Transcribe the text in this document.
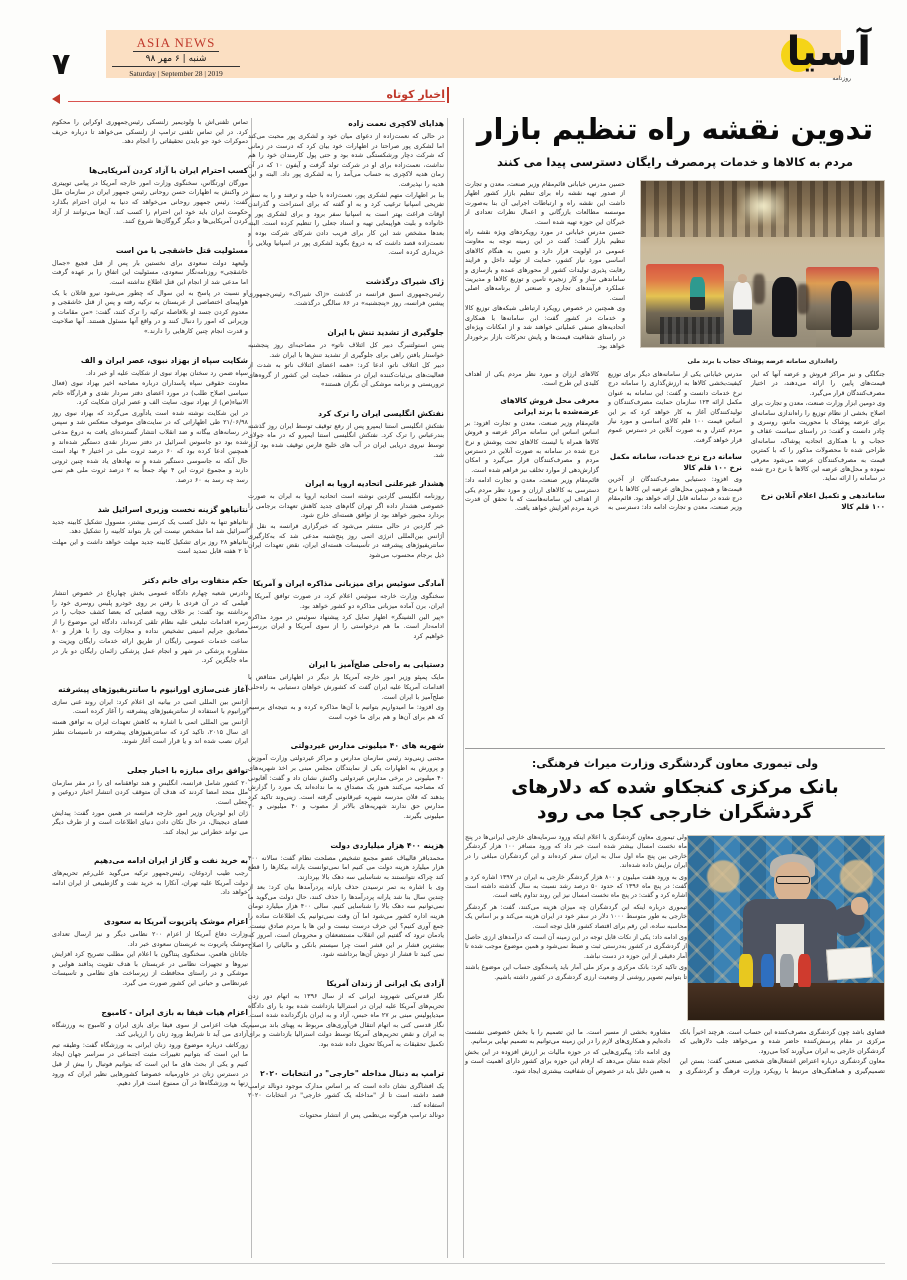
۷
ASIA NEWS
شنبه | ۶ مهر ۹۸
Saturday | September 28 | 2019	آسیا
روزنامه
اخبار کوتاه

تماس تلفنی‌اش با ولودیمیر زلنسکی رئیس‌جمهوری اوکراین را محکوم کرد. در این تماس تلفنی ترامپ از زلنسکی می‌خواهد تا درباره حریف دموکرات خود جو بایدن تحقیقاتی را انجام دهد.

کسب احترام ایران با آزاد کردن آمریکایی‌ها

مورگان اورتگاس، سخنگوی وزارت امور خارجه آمریکا در پیامی توییتری در واکنش به اظهارات حسن روحانی رئیس جمهور ایران در سازمان ملل گفت: رئیس جمهور روحانی می‌خواهد که دنیا به ایران احترام بگذارد حکومت ایران باید خود این احترام را کسب کند. آن‌ها می‌توانند از آزاد کردن آمریکایی‌ها و دیگر گروگان‌ها شروع کنند.

مسئولیت قتل خاشقجی با من است

ولیعهد دولت سعودی برای نخستین بار پس از قتل فجیع «جمال خاشقجی» روزنامه‌نگار سعودی، مسئولیت این اتفاق را بر عهده گرفت اما مدعی شد از انجام این قتل اطلاع نداشته است.

او نسبت در پاسخ به این سوال که چطور می‌شود نیرو قاتلان با یک هواپیمای اختصاصی از عربستان به ترکیه رفته و پس از قتل خاشقجی و معدوم کردن جسد او بلافاصله ترکیه را ترک کنند، گفت: «من مقامات و وزیرانی که امور را دنبال کنند و در واقع آنها مسئول هستند. آنها صلاحیت و قدرت انجام چنین کارهایی را دارند.»

شکایت سپاه از بهزاد نبوی، عصر ایران و الف

سپاه ضمن رد سخنان بهزاد نبوی از شکایت علیه او خبر داد.

معاونت حقوقی سپاه پاسداران درباره مصاحبه اخیر بهزاد نبوی (فعال سیاسی اصلاح طلب) در مورد اعضای دفتر سردار نقدی و قرارگاه خاتم الانبیاء(ص) از بهزاد نبوی، سایت الف و عصر ایران شکایت کرد.

در این شکایت نوشته شده است یادآوری می‌گردد که بهزاد نبوی روز ۲۱/۰۶/۹۸ طی اظهاراتی که در سایت‌های موصوف منعکس شد و سپس در رسانه‌های بیگانه و ضد انقلاب انتشار گسترده‌ای یافت به دروغ مدعی شده بود دو جاسوس اسرائیل در دفتر سردار نقدی دستگیر شده‌اند و همچنین ادعا کرده بود که ۶۰ درصد ثروت ملی در اختیار ۴ نهاد است حال آنکه نه جاسوسی دستگیر شده و نه نهادهای یاد شده چنین ثروتی دارند و مجموع ثروت این ۴ نهاد جمعاً به ۲ درصد ثروت ملی هم نمی رسد چه رسد به ۶۰ درصد.

نتانیاهو گزینه نخست وزیری اسرائیل شد

نتانیاهو تنها به دلیل کسب یک کرسی بیشتر، مسوول تشکیل کابینه جدید اسرائیل شد اما مشخص نیست این بار بتواند کابینه را تشکیل دهد.

نتانیاهو ۲۸ روز برای تشکیل کابینه جدید مهلت خواهد داشت و این مهلت تا ۲ هفته قابل تمدید است

حکم متفاوت برای خانم دکتر

دادرس شعبه چهارم دادگاه عمومی بخش چهارباغ در خصوص انتشار فیلمی که در آن فردی با رفتن بر روی خودرو پلیس روسری خود را برداشته بود گفت: بر خلاف رویه قضایی که بعضا کشف حجاب را در زمره اقدامات تبلیغی علیه نظام تلقی کرده‌اند، دادگاه این موضوع را از مصادیق جرایم امنیتی تشخیص نداده و مجازات وی را با هزار و ۸۰ ساعت خدمات عمومی رایگان از طریق ارائه خدمات رایگان ویزیت و مشاوره پزشکی در شهر و انجام عمل پزشکی زائمان رایگان دو بار در ماه جایگزین کرد.

آغاز غنی‌سازی اورانیوم با سانتریفیوژهای پیشرفته

آژانس بین المللی اتمی در بیانیه ای اعلام کرد: ایران روند غنی سازی اورانیوم با استفاده از سانتریفیوژهای پیشرفته را آغاز کرده است.

آژانس بین المللی اتمی با اشاره به کاهش تعهدات ایران به توافق هسته ای سال ۲۰۱۵، تاکید کرد که سانتریفیوژهای پیشرفته در تاسیسات نطنز ایران نصب شده اند و یا قرار است آغاز شوند.

توافق برای مبارزه با اخبار جعلی

۲۰ کشور شامل فرانسه، انگلیس و هند توافقنامه ای را در مقر سازمان ملل متحد امضا کردند که هدف آن متوقف کردن انتشار اخبار دروغین و جعلی است.

ژان ایو لودریان وزیر امور خارجه فرانسه در همین مورد گفت: پیدایش فضای دیجیتال، در حال تکان دادن دنیای اطلاعات است و از طرف دیگر می تواند خطراتی نیز ایجاد کند.

به خرید نفت و گاز از ایران ادامه می‌دهیم

رجب طیب اردوغان، رئیس‌جمهور ترکیه می‌گوید علی‌رغم تحریم‌های دولت آمریکا علیه تهران، آنکارا به خرید نفت و گازطبیعی از ایران ادامه خواهد داد.

اعزام موشک پاتریوت آمریکا به سعودی

وزارت دفاع آمریکا از اعزام ۲۰۰ نظامی دیگر و نیز ارسال تعدادی موشک پاتریوت به عربستان سعودی خبر داد.

جاناتان هافمن، سخنگوی پنتاگون با اعلام این مطلب تصریح کرد افزایش نیروها و تجهیزات نظامی در عربستان با هدف تقویت پدافند هوایی و موشکی و در راستای محافظت از زیرساخت های نظامی و تاسیسات غیرنظامی و حیاتی این کشور صورت می گیرد.

اعزام هیات فیفا به بازی ایران - کامبوج

یک هیات اعزامی از سوی فیفا برای بازی ایران و کامبوج به ورزشگاه آزادی می آید تا شرایط ورود زنان را ارزیابی کند.

زورکاتف درباره موضوع ورود زنان ایرانی به ورزشگاه گفت: وظیفه تیم ما این است که بتوانیم تغییرات مثبت اجتماعی در سراسر جهان ایجاد کنیم و یکی از بحث های ما این است که بتوانیم فوتبال را بیش از قبل در دسترس زنان در خاورمیانه خصوصا کشورهایی نظیر ایران که ورود زنها به ورزشگاه‌ها در آن ممنوع است قرار دهیم.

هدایای لاکچری نعمت زاده

در حالی که نعمت‌زاده از دعوای میان خود و لشکری پور محبت می‌کند اما لشکری پور صراحتا در اظهارات خود بیان کرد که درست در زمانی که شرکت دچار ورشکستگی شده بود و حتی پول کارمندان خود را هم نداشت، نعمت‌زاده برای او در شرکت تولد گرفت و آیفون ۱۰ که در آن زمان هدیه لاکچری به حساب می‌آمد را به لشکری پور داد. البته و این هدیه را نپذیرفت.

بنا بر اظهارات متهم لشکری پور، نعمت‌زاده با حیله و ترفند و را به سفر تفریحی اسپانیا ترغیب کرد و به او گفته که برای استراحت و گذراندن اوقات فراغت بهتر است به اسپانیا سفر برود و برای لشکری پور و خانواده و بلیت هواپیمایی تهیه و اسناد جعلی را تنظیم کرده است. البته بعدها مشخص شد این کار برای فریب دادن شرکای شرکت بوده و نعمت‌زاده قصد داشت که به دروغ بگوید لشکری پور در اسپانیا ویلایی را خریداری کرده است.

ژاک شیراک درگذشت

رئیس‌جمهوری اسبق فرانسه در گذشت «ژاک شیراک» رئیس‌جمهوری پیشین فرانسه، روز «پنجشنبه» در ۸۶ سالگی درگذشت.

جلوگیری از تشدید تنش با ایران

ینس استولتنبرگ دبیر کل ائتلاف ناتو» در مصاحبه‌ای روز پنجشنبه خواستار یافتن راهی برای جلوگیری از تشدید تنش‌ها با ایران شد.

دبیر کل ائتلاف ناتو، ادعا کرد: «همه اعضای ائتلاف ناتو به شدت از فعالیت‌های بی‌ثبات‌کننده ایران در منطقه، حمایت این کشور از گروه‌های تروریستی و برنامه موشکی آن نگران هستند»

نفتکش انگلیسی ایران را ترک کرد

نفتکش انگلیسی استنا ایمپرو پس از رفع توقیف توسط ایران روز گذشته بندرعباس را ترک کرد. نفتکش انگلیسی استنا ایمپرو که در ماه جولای توسط نیروی دریایی ایران در آب های خلیج فارس توقیف شده بود آزاد شد.

هشدار غیرعلنی اتحادیه اروپا به ایران

روزنامه انگلیسی گاردین نوشته است اتحادیه اروپا به ایران به صورت خصوصی هشدار داده اگر تهران گام‌های جدید کاهش تعهدات برجامی را بردارد مجبور خواهد بود از توافق هسته‌ای خارج شود.

خبر گاردین در حالی منتشر می‌شود که خبرگزاری فرانسه به نقل از آژانس بین‌المللی انرژی اتمی روز پنج‌شنبه مدعی شد که به‌کارگیری سانتریفیوژهای پیشرفته در تأسیسات هسته‌ای ایران، نقض تعهدات ایران ذیل برجام محسوب می‌شود

آمادگی سوئیس برای میزبانی مذاکره ایران و آمریکا

سخنگوی وزارت خارجه سوئیس اعلام کرد، در صورت توافق آمریکا و ایران، برن آماده میزبانی مذاکره دو کشور خواهد بود.

«پیر الین الشینگر» اظهار تمایل کرد پیشنهاد سوئیس در مورد مذاکره ادامه‌دار است. ما هم درخواستی را از سوی آمریکا و ایران بررسی خواهیم کرد

دستیابی به راه‌حلی صلح‌آمیز با ایران

مایک پمپئو وزیر امور خارجه آمریکا بار دیگر در اظهاراتی متناقض با اقدامات آمریکا علیه ایران گفت که کشورش خواهان دستیابی به راه‌حلی صلح‌آمیز با ایران است.

وی افزود: ما امیدواریم بتوانیم با آن‌ها مذاکره کرده و به نتیجه‌ای برسیم که هم برای آن‌ها و هم برای ما خوب است

شهریه های ۴۰ میلیونی مدارس غیردولتی

مجتبی زینی‌وند رئیس سازمان مدارس و مراکز غیردولتی وزارت آموزش و پرورش به اظهارات یکی از نمایندگان مجلس مبنی بر اخذ شهریه‌های ۴۰ میلیونی در برخی مدارس غیردولتی واکنش نشان داد و گفت: آقایونی که مصاحبه می‌کنند هنوز یک مصداق به ما نداده‌اند یک مورد را گزارش بدهند که فلان مدرسه شهریه غیرقانونی گرفته است. زینی‌وند تاکید کرد مدارس حق ندارند شهریه‌های بالاتر از مصوب و ۴۰ میلیونی و ۲۰ میلیونی بگیرند.

هزینه ۴۰۰ هزار میلیاردی دولت

محمدباقر قالیباف عضو مجمع تشخیص مصلحت نظام گفت: سالانه ۴۰۰ هزار میلیارد هزینه دولت می کنیم اما نمی‌توانست یارانه بیکارها را قطع کند چراکه نتوانستند به شناسایی سه دهک بالا بپردازند.

وی با اشاره به تمر نرسیدن حذف یارانه پردرآمدها بیان کرد: بعد از چندین سال بنا شد یارانه پردرآمدها را حذف کنند، حال دولت می‌گوید ما نمی‌توانیم سه دهک بالا را شناسایی کنیم. سالی ۴۰۰ هزار میلیارد تومان هزینه اداره کشور می‌شود اما آن وقت نمی‌توانیم یک اطلاعات ساده را جمع آوری کنیم؟ این حرف درست نیست و این ها با مردم صادق نیست. یادمان نرود که گفتیم این انقلاب مستضعفان و محرومان است، امروز که بیشترین فشار بر این قشر است چرا سیستم بانکی و مالیاتی را اصلاح نمی کنید تا فشار از دوش آن‌ها برداشته شود.

آزادی یک ایرانی از زندان آمریکا

نگار قدس‌کنی شهروند ایرانی که از سال ۱۳۹۶ به اتهام دور زدن تحریم‌های آمریکا علیه ایران در استرالیا بازداشت شده بود با رای دادگاه میدیاپولیس مبنی بر ۲۷ ماه حبس، آزاد و به ایران بازگردانده شده است. نگار قدسی کنی به اتهام انتقال فن‌آوری‌های مربوط به پهنای باند بی‌سیم به ایران و نقض تحریم‌های آمریکا توسط دولت استرالیا بازداشت و برای تکمیل تحقیقات به آمریکا تحویل داده شده بود.

ترامپ به دنبال مداخله "خارجی" در انتخابات ۲۰۲۰

یک افشاگری نشان داده است که بر اساس مدارک موجود دونالد ترامپ قصد داشته است تا از "مداخله یک کشور خارجی" در انتخابات ۲۰۲۰ استفاده کند.

دونالد ترامپ هرگونه بی‌نظمی پس از انتشار محتویات

تدوین نقشه راه تنظیم بازار
مردم به کالاها و خدمات پرمصرف رایگان دسترسی پیدا می کنند

حسین مدرس خیابانی قائم‌مقام وزیر صنعت، معدن و تجارت از صدور تهیه نقشه راه برای تنظیم بازار کشور اظهار داشت این نقشه راه و ارتباطات اجرایی آن بنا به‌صورت موسسه مطالعات بازرگانی و اعمال نظرات تعدادی از خبرگان این حوزه تهیه شده است.

حسین مدرس خیابانی در مورد رویکردهای ویژه نقشه راه تنظیم بازار گفت: گفت در این زمینه توجه به معاونت عمومی در اولویت قرار دارد و تعیین به هنگام کالاهای اساسی مورد نیاز کشور، حمایت از تولید داخل و فرایند رقابت پذیری تولیدات کشور از محورهای عمده و بازسازی و ساماندهی ساز و کار زنجیره تامین و توزیع کالاها و مدیریت عملکرد فرآیند‌های تجاری و صنعتی از برنامه‌های اصلی است.

وی همچنین در خصوص رویکرد ارتباطی شبکه‌های توزیع کالا و خدمات در کشور گفت: این سامانه‌ها با همکاری اتحادیه‌های صنفی عملیاتی خواهند شد و از امکانات ویژه‌ای در راستای شفافیت قیمت‌ها و پایش تحرکات بازار برخوردار خواهد بود.

راه‌اندازی سامانه عرضه پوشاک حجاب با برند ملی

جنگلگی و نیز مراکز فروش و عرضه آنها که این قیمت‌های پایین را ارائه می‌دهند، در اختیار مصرف‌کنندگان قرار می‌گیرد.

وی دومین ابزار وزارت صنعت، معدن و تجارت برای اصلاح بخشی از نظام توزیع را راه‌اندازی سامانه‌ای برای عرضه پوشاک با محوریت مانتو، روسری و چادر دانست و گفت: در راستای سیاست عفاف و حجاب و با همکاری اتحادیه پوشاک، سامانه‌ای طراحی شده تا محصولات مذکور را که با کمترین قیمت به مصرف‌کنندگان عرضه می‌شود معرفی نموده و محل‌های عرضه این کالاها با نرخ درج شده در سامانه را ارائه نماید.

ساماندهی و تکمیل اعلام آنلاین نرخ ۱۰۰ قلم کالا

مدرس خیابانی یکی از سامانه‌های دیگر برای توزیع کیفیت‌بخشی کالاها به ارزش‌گذاری را سامانه درج نرخ خدمات دانست و گفت: این سامانه به عنوان مکمل ارائه ۱۲۳ سازمان حمایت مصرف‌کنندگان و تولیدکنندگان آغاز به کار خواهد کرد که بر این اساس قیمت ۱۰۰ قلم کالای اساسی و مورد نیاز مردم کنترل و به صورت آنلاین در دسترس عموم قرار خواهد گرفت.

سامانه درج نرخ خدمات، سامانه مکمل نرخ ۱۰۰ قلم کالا

وی افزود: دستیابی مصرف‌کنندگان از آخرین قیمت‌ها و همچنین محل‌های عرضه این کالاها با نرخ درج شده در سامانه قابل ارائه خواهد بود. قائم‌مقام وزیر صنعت، معدن و تجارت ادامه داد: دسترسی به کالاهای ارزان و مورد نظر مردم یکی از اهداف کلیدی این طرح است.

معرفی محل فروش کالاهای عرضه‌شده با برند ایرانی

قائم‌مقام وزیر صنعت، معدن و تجارت افزود: بر اساس اساس این سامانه مراکز عرضه و فروش کالاها همراه با لیست کالاهای تحت پوشش و نرخ درج شده در سامانه به صورت آنلاین در دسترس مردم و مصرف‌کنندگان قرار می‌گیرد و امکان گزارش‌دهی از موارد تخلف نیز فراهم شده است.

قائم‌مقام وزیر صنعت، معدن و تجارت ادامه داد: دسترسی به کالاهای ارزان و مورد نظر مردم یکی از اهداف این سامانه‌هاست که با تحقق آن قدرت خرید مردم افزایش خواهد یافت.

ولی تیموری معاون گردشگری وزارت میراث فرهنگی:
بانک مرکزی کنجکاو شده که دلارهای گردشگران خارجی کجا می رود

ولی تیموری معاون گردشگری با اعلام اینکه ورود سرمایه‌های خارجی ایرانی‌ها در پنج ماه نخست امسال بیشتر شده است خبر داد که ورود مسافر ۱۰۰ هزار گردشگر خارجی بین پنج ماه اول سال به ایران سفر کرده‌اند و این گردشگران مبلغی را در ایران برایش داده شده‌اند.

وی به ورود هفت میلیون و ۸۰۰ هزار گردشگر خارجی به ایران در ۱۳۹۷ اشاره کرد و گفت: در پنج ماه ۱۳۹۶ که حدود ۵۰ درصد رشد نسبت به سال گذشته داشته است اشاره کرد و گفت: در پنج ماه نخست امسال نیز این روند تداوم یافته است.

تیموری درباره اینکه این گردشگران چه میزان هزینه می‌کنند، گفت: هر گردشگر خارجی به طور متوسط ۱۰۰۰ دلار در سفر خود در ایران هزینه می‌کند و بر اساس یک محاسبه ساده، این رقم برای اقتصاد کشور قابل توجه است.

وی ادامه داد: یکی از نکات قابل توجه در این زمینه آن است که درآمدهای ارزی حاصل از گردشگری در کشور به‌درستی ثبت و ضبط نمی‌شود و همین موضوع موجب شده تا آمار دقیقی از این حوزه در دست نباشد.

وی تاکید کرد: بانک مرکزی و مرکز ملی آمار باید پاسخگوی حساب این موضوع باشند تا بتوانیم تصویر روشنی از وضعیت ارزی گردشگری در کشور داشته باشیم.

قضاوی باشد چون گردشگری مصرف‌کننده این حساب است. هرچند اخیراً بانک مرکزی در مقام پرسش‌کننده حاضر شده و می‌خواهد جلب دلارهایی که گردشگران خارجی به ایران می‌آورند کجا می‌رود.

معاون گردشگری درباره اعتراض اشتغال‌های شخصی صنعتی گفت: بستن این تصمیم‌گیری و هماهنگی‌های مرتبط با رویکرد وزارت فرهنگ و گردشگری و مشاوره بخشی از مسیر است. ما این تصمیم را با بخش خصوصی نشست داده‌ایم و همکاری‌های لازم را در این زمینه می‌توانیم به تصمیم نهایی برسانیم.

وی ادامه داد: پیگیری‌هایی که در حوزه مالیات بر ارزش افزوده در این بخش انجام شده نشان می‌دهد که ارقام این حوزه برای کشور دارای اهمیت است و به همین دلیل باید در خصوص آن شفافیت بیشتری ایجاد شود.
